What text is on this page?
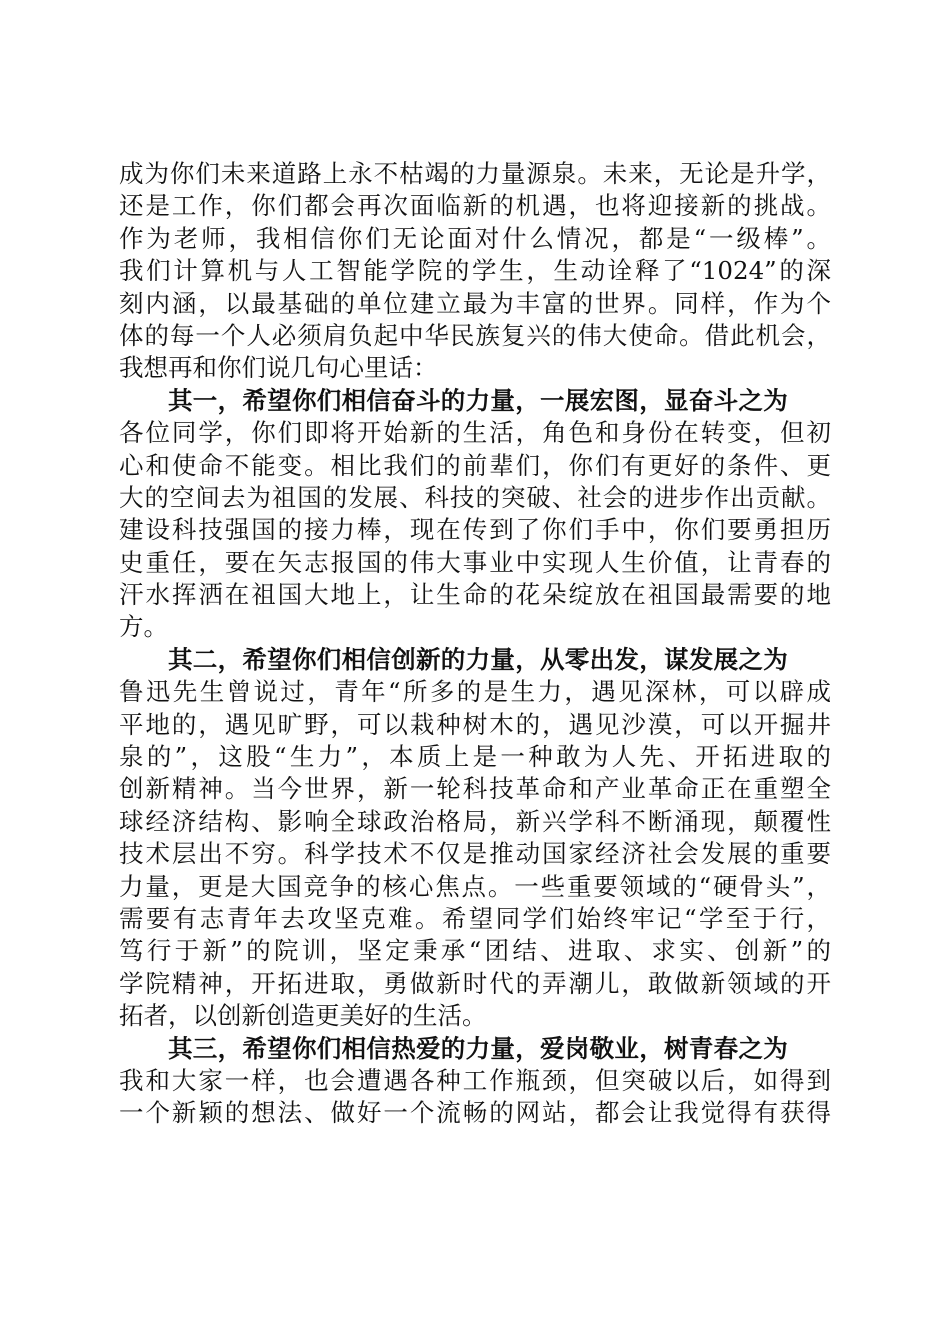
成为你们未来道路上永不枯竭的力量源泉。未来，无论是升学，
还是工作，你们都会再次面临新的机遇，也将迎接新的挑战。
作为老师，我相信你们无论面对什么情况，都是“一级棒”。
我们计算机与人工智能学院的学生，生动诠释了“1024”的深
刻内涵，以最基础的单位建立最为丰富的世界。同样，作为个
体的每一个人必须肩负起中华民族复兴的伟大使命。借此机会，
我想再和你们说几句心里话：
其一，希望你们相信奋斗的力量，一展宏图，显奋斗之为
各位同学，你们即将开始新的生活，角色和身份在转变，但初
心和使命不能变。相比我们的前辈们，你们有更好的条件、更
大的空间去为祖国的发展、科技的突破、社会的进步作出贡献。
建设科技强国的接力棒，现在传到了你们手中，你们要勇担历
史重任，要在矢志报国的伟大事业中实现人生价值，让青春的
汗水挥洒在祖国大地上，让生命的花朵绽放在祖国最需要的地
方。
其二，希望你们相信创新的力量，从零出发，谋发展之为
鲁迅先生曾说过，青年“所多的是生力，遇见深林，可以辟成
平地的，遇见旷野，可以栽种树木的，遇见沙漠，可以开掘井
泉的”，这股“生力”，本质上是一种敢为人先、开拓进取的
创新精神。当今世界，新一轮科技革命和产业革命正在重塑全
球经济结构、影响全球政治格局，新兴学科不断涌现，颠覆性
技术层出不穷。科学技术不仅是推动国家经济社会发展的重要
力量，更是大国竞争的核心焦点。一些重要领域的“硬骨头”，
需要有志青年去攻坚克难。希望同学们始终牢记“学至于行，
笃行于新”的院训，坚定秉承“团结、进取、求实、创新”的
学院精神，开拓进取，勇做新时代的弄潮儿，敢做新领域的开
拓者，以创新创造更美好的生活。
其三，希望你们相信热爱的力量，爱岗敬业，树青春之为
我和大家一样，也会遭遇各种工作瓶颈，但突破以后，如得到
一个新颖的想法、做好一个流畅的网站，都会让我觉得有获得
